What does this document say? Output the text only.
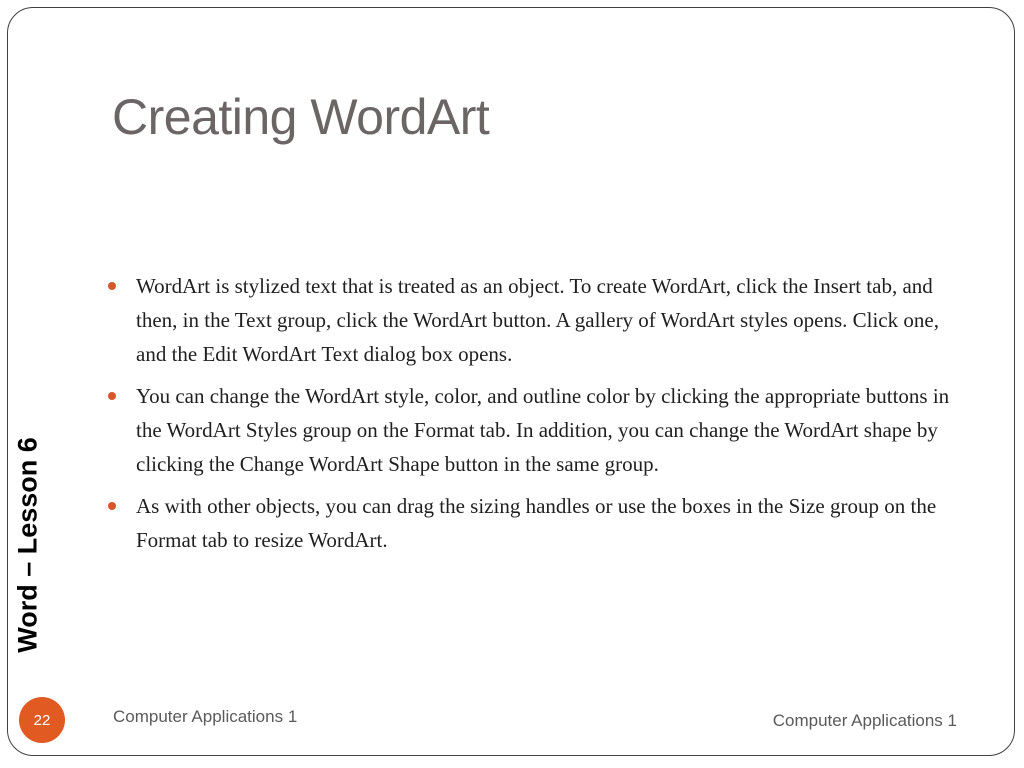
Creating WordArt
Word – Lesson 6
WordArt is stylized text that is treated as an object. To create WordArt, click the Insert tab, and then, in the Text group, click the WordArt button. A gallery of WordArt styles opens. Click one, and the Edit WordArt Text dialog box opens.
You can change the WordArt style, color, and outline color by clicking the appropriate buttons in the WordArt Styles group on the Format tab. In addition, you can change the WordArt shape by clicking the Change WordArt Shape button in the same group.
As with other objects, you can drag the sizing handles or use the boxes in the Size group on the Format tab to resize WordArt.
22	Computer Applications 1	Computer Applications 1
